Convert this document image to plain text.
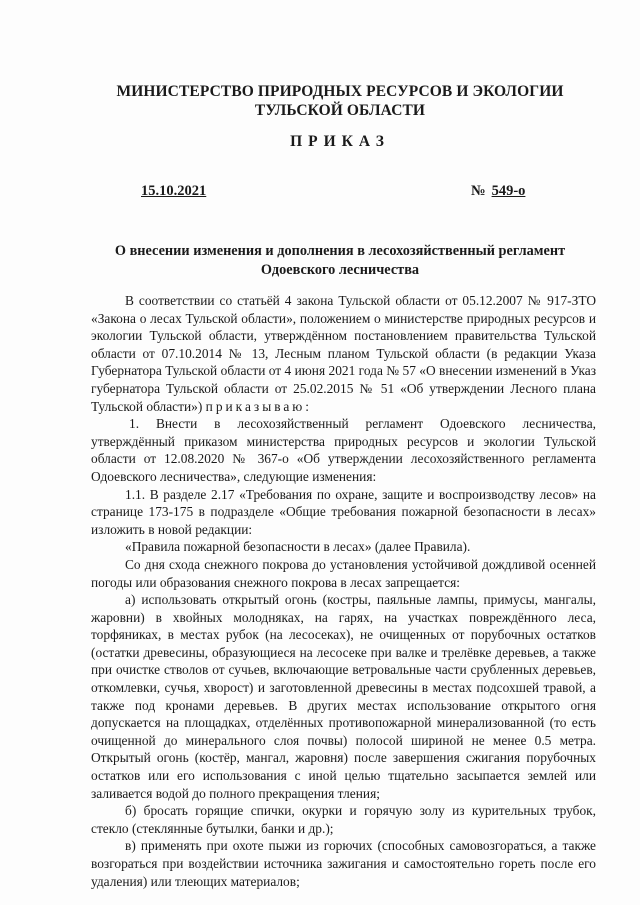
МИНИСТЕРСТВО ПРИРОДНЫХ РЕСУРСОВ И ЭКОЛОГИИ
ТУЛЬСКОЙ ОБЛАСТИ
ПРИКАЗ
15.10.2021	№ 549-о
О внесении изменения и дополнения в лесохозяйственный регламент
Одоевского лесничества

В соответствии со статьёй 4 закона Тульской области от 05.12.2007 № 917-ЗТО «Закона о лесах Тульской области», положением о министерстве природных ресурсов и экологии Тульской области, утверждённом постановлением правительства Тульской области от 07.10.2014 № 13, Лесным планом Тульской области (в редакции Указа Губернатора Тульской области от 4 июня 2021 года № 57 «О внесении изменений в Указ губернатора Тульской области от 25.02.2015 № 51 «Об утверждении Лесного плана Тульской области») приказываю:

1. Внести в лесохозяйственный регламент Одоевского лесничества, утверждённый приказом министерства природных ресурсов и экологии Тульской области от 12.08.2020 № 367-о «Об утверждении лесохозяйственного регламента Одоевского лесничества», следующие изменения:

1.1. В разделе 2.17 «Требования по охране, защите и воспроизводству лесов» на странице 173-175 в подразделе «Общие требования пожарной безопасности в лесах» изложить в новой редакции:

«Правила пожарной безопасности в лесах» (далее Правила).

Со дня схода снежного покрова до установления устойчивой дождливой осенней погоды или образования снежного покрова в лесах запрещается:

а) использовать открытый огонь (костры, паяльные лампы, примусы, мангалы, жаровни) в хвойных молодняках, на гарях, на участках повреждённого леса, торфяниках, в местах рубок (на лесосеках), не очищенных от порубочных остатков (остатки древесины, образующиеся на лесосеке при валке и трелёвке деревьев, а также при очистке стволов от сучьев, включающие ветровальные части срубленных деревьев, откомлевки, сучья, хворост) и заготовленной древесины в местах подсохшей травой, а также под кронами деревьев. В других местах использование открытого огня допускается на площадках, отделённых противопожарной минерализованной (то есть очищенной до минерального слоя почвы) полосой шириной не менее 0.5 метра. Открытый огонь (костёр, мангал, жаровня) после завершения сжигания порубочных остатков или его использования с иной целью тщательно засыпается землей или заливается водой до полного прекращения тления;

б) бросать горящие спички, окурки и горячую золу из курительных трубок, стекло (стеклянные бутылки, банки и др.);

в) применять при охоте пыжи из горючих (способных самовозгораться, а также возгораться при воздействии источника зажигания и самостоятельно гореть после его удаления) или тлеющих материалов;
